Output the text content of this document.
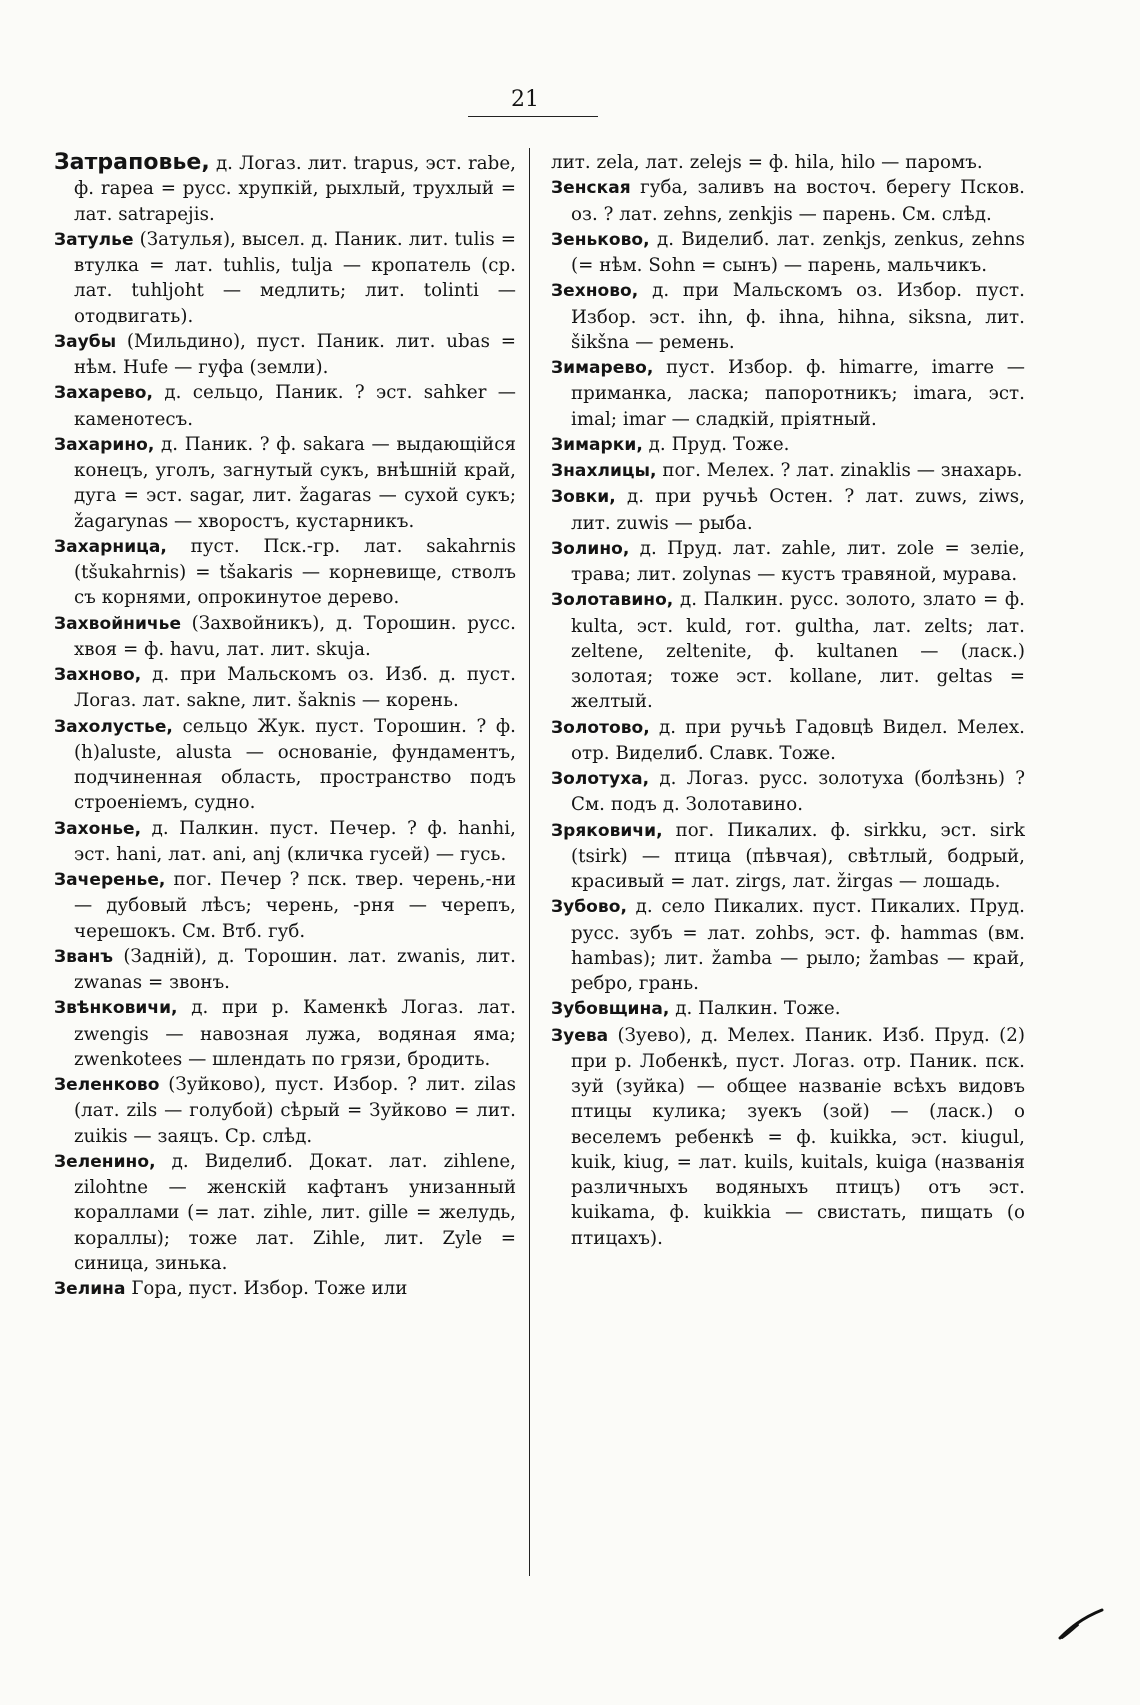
21

Затраповье, д. Логаз. лит. trapus, эст. rabe, ф. rapea = русс. хрупкій, рыхлый, трухлый = лат. satrapejis.

Затулье (Затулья), высел. д. Паник. лит. tulis = втулка = лат. tuhlis, tulja — кропатель (ср. лат. tuhljoht — медлить; лит. tolinti — отодвигать).

Заубы (Мильдино), пуст. Паник. лит. ubas = нѣм. Hufe — гуфа (земли).

Захарево, д. сельцо, Паник. ? эст. sahker — каменотесъ.

Захарино, д. Паник. ? ф. sakara — выдающійся конецъ, уголъ, загнутый сукъ, внѣшній край, дуга = эст. sagar, лит. žagaras — сухой сукъ; žagarynas — хворостъ, кустарникъ.

Захарница, пуст. Пск.-гр. лат. sakahrnis (tšukahrnis) = tšakaris — корневище, стволъ съ корнями, опрокинутое дерево.

Захвойничье (Захвойникъ), д. Торошин. русс. хвоя = ф. havu, лат. лит. skuja.

Захново, д. при Мальскомъ оз. Изб. д. пуст. Логаз. лат. sakne, лит. šaknis — корень.

Захолустье, сельцо Жук. пуст. Торошин. ? ф. (h)aluste, alusta — основаніе, фундаментъ, подчиненная область, пространство подъ строеніемъ, судно.

Захонье, д. Палкин. пуст. Печер. ? ф. hanhi, эст. hani, лат. ani, anj (кличка гусей) — гусь.

Зачеренье, пог. Печер ? пск. твер. черень,-ни — дубовый лѣсъ; черень, -рня — черепъ, черешокъ. См. Втб. губ.

Званъ (Задній), д. Торошин. лат. zwanis, лит. zwanas = звонъ.

Звѣнковичи, д. при р. Каменкѣ Логаз. лат. zwengis — навозная лужа, водяная яма; zwenkotees — шлендать по грязи, бродить.

Зеленково (Зуйково), пуст. Избор. ? лит. zilas (лат. zils — голубой) сѣрый = Зуйково = лит. zuikis — заяцъ. Ср. слѣд.

Зеленино, д. Виделиб. Докат. лат. zihlene, zilohtne — женскій кафтанъ унизанный кораллами (= лат. zihle, лит. gille = желудь, кораллы); тоже лат. Zihle, лит. Zyle = синица, зинька.

Зелина Гора, пуст. Избор. Тоже или

лит. zela, лат. zelejs = ф. hila, hilo — паромъ.

Зенская губа, заливъ на восточ. берегу Псков. оз. ? лат. zehns, zenkjis — парень. См. слѣд.

Зеньково, д. Виделиб. лат. zenkjs, zenkus, zehns (= нѣм. Sohn = сынъ) — парень, мальчикъ.

Зехново, д. при Мальскомъ оз. Избор. пуст. Избор. эст. ihn, ф. ihna, hihna, siksna, лит. šikšna — ремень.

Зимарево, пуст. Избор. ф. himarre, imarre — приманка, ласка; папоротникъ; imara, эст. imal; imar — сладкій, пріятный.

Зимарки, д. Пруд. Тоже.

Знахлицы, пог. Мелех. ? лат. zinaklis — знахарь.

Зовки, д. при ручьѣ Остен. ? лат. zuws, ziws, лит. zuwis — рыба.

Золино, д. Пруд. лат. zahle, лит. zole = зеліе, трава; лит. zolynas — кустъ травяной, мурава.

Золотавино, д. Палкин. русс. золото, злато = ф. kulta, эст. kuld, гот. gultha, лат. zelts; лат. zeltene, zeltenite, ф. kultanen — (ласк.) золотая; тоже эст. kollane, лит. geltas = желтый.

Золотово, д. при ручьѣ Гадовцѣ Видел. Мелех. отр. Виделиб. Славк. Тоже.

Золотуха, д. Логаз. русс. золотуха (болѣзнь) ? См. подъ д. Золотавино.

Зряковичи, пог. Пикалих. ф. sirkku, эст. sirk (tsirk) — птица (пѣвчая), свѣтлый, бодрый, красивый = лат. zirgs, лат. žirgas — лошадь.

Зубово, д. село Пикалих. пуст. Пикалих. Пруд. русс. зубъ = лат. zohbs, эст. ф. hammas (вм. hambas); лит. žamba — рыло; žambas — край, ребро, грань.

Зубовщина, д. Палкин. Тоже.

Зуева (Зуево), д. Мелех. Паник. Изб. Пруд. (2) при р. Лобенкѣ, пуст. Логаз. отр. Паник. пск. зуй (зуйка) — общее названіе всѣхъ видовъ птицы кулика; зуекъ (зой) — (ласк.) о веселемъ ребенкѣ = ф. kuikka, эст. kiugul, kuik, kiug, = лат. kuils, kuitals, kuiga (названія различныхъ водяныхъ птицъ) отъ эст. kuikama, ф. kuikkia — свистать, пищать (о птицахъ).
